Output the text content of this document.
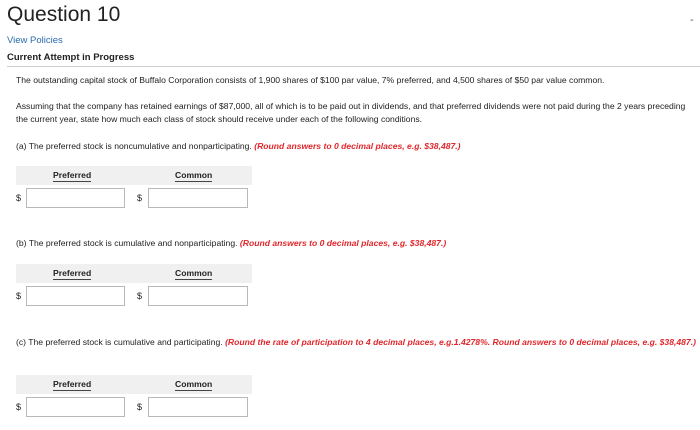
Question 10	-
View Policies
Current Attempt in Progress
The outstanding capital stock of Buffalo Corporation consists of 1,900 shares of $100 par value, 7% preferred, and 4,500 shares of $50 par value common.
Assuming that the company has retained earnings of $87,000, all of which is to be paid out in dividends, and that preferred dividends were not paid during the 2 years preceding the current year, state how much each class of stock should receive under each of the following conditions.
(a) The preferred stock is noncumulative and nonparticipating. (Round answers to 0 decimal places, e.g. $38,487.)
Preferred	Common
$	$
(b) The preferred stock is cumulative and nonparticipating. (Round answers to 0 decimal places, e.g. $38,487.)
Preferred	Common
$	$
(c) The preferred stock is cumulative and participating. (Round the rate of participation to 4 decimal places, e.g.1.4278%. Round answers to 0 decimal places, e.g. $38,487.)
Preferred	Common
$	$
